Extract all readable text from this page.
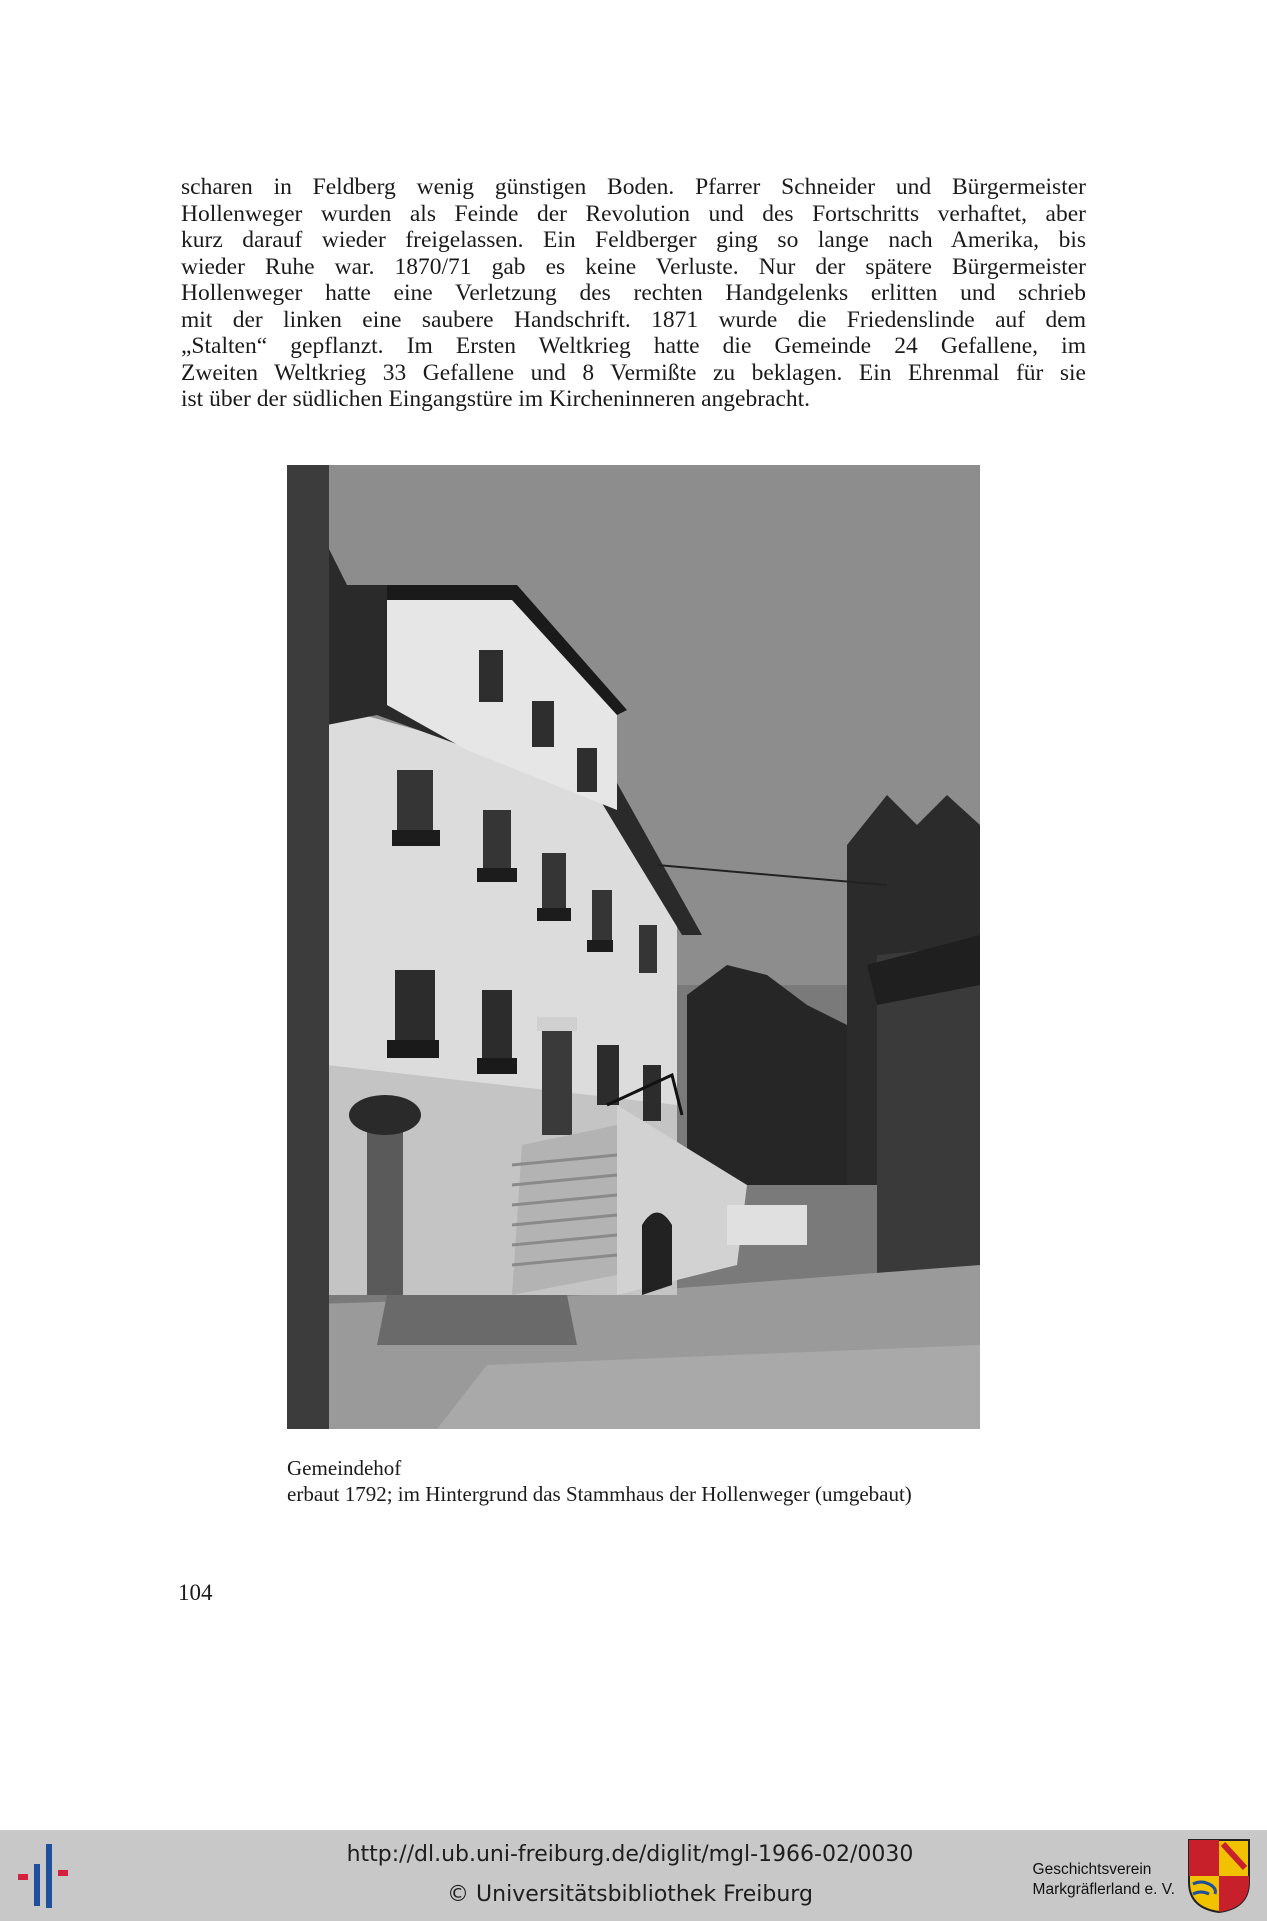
scharen in Feldberg wenig günstigen Boden. Pfarrer Schneider und Bürgermeister
Hollenweger wurden als Feinde der Revolution und des Fortschritts verhaftet, aber
kurz darauf wieder freigelassen. Ein Feldberger ging so lange nach Amerika, bis
wieder Ruhe war. 1870/71 gab es keine Verluste. Nur der spätere Bürgermeister
Hollenweger hatte eine Verletzung des rechten Handgelenks erlitten und schrieb
mit der linken eine saubere Handschrift. 1871 wurde die Friedenslinde auf dem
„Stalten“ gepflanzt. Im Ersten Weltkrieg hatte die Gemeinde 24 Gefallene, im
Zweiten Weltkrieg 33 Gefallene und 8 Vermißte zu beklagen. Ein Ehrenmal für sie
ist über der südlichen Eingangstüre im Kircheninneren angebracht.
Gemeindehof
erbaut 1792; im Hintergrund das Stammhaus der Hollenweger (umgebaut)
104
http://dl.ub.uni-freiburg.de/diglit/mgl-1966-02/0030
© Universitätsbibliothek Freiburg
Geschichtsverein
Markgräflerland e. V.
